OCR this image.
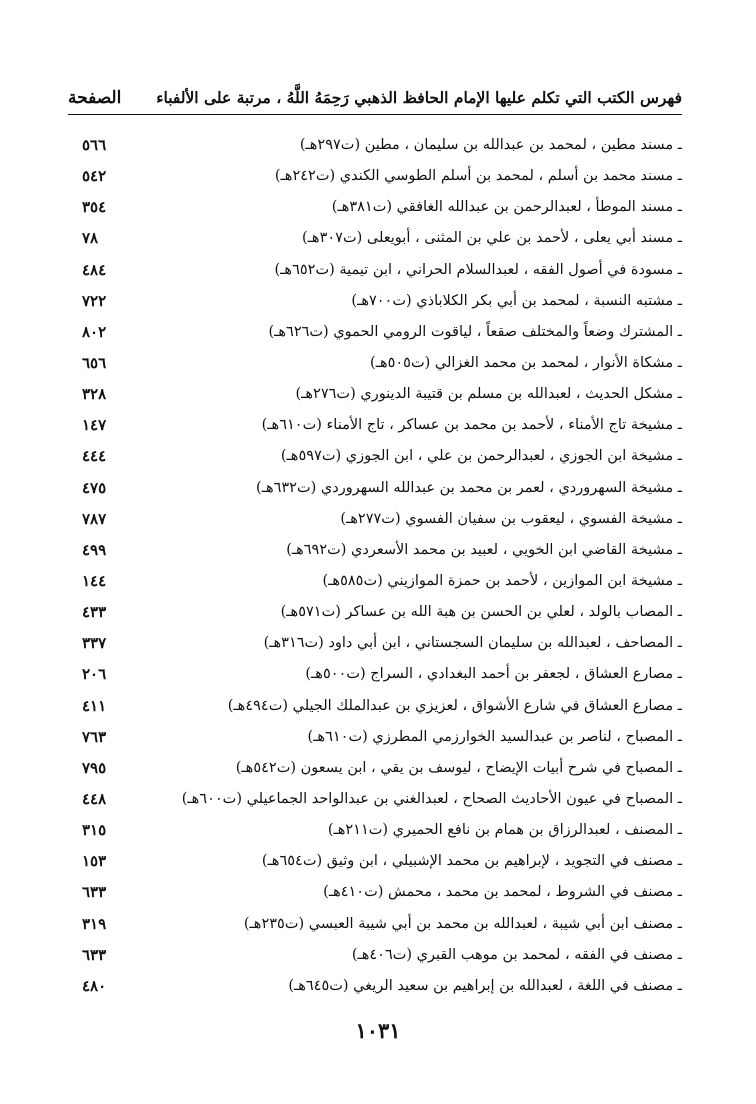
فهرس الكتب التي تكلم عليها الإمام الحافظ الذهبي رَحِمَهُ اللَّهُ ، مرتبة على الألفباء
الصفحة
ـ مسند مطين ، لمحمد بن عبدالله بن سليمان ، مطين (ت٢٩٧هـ)
٥٦٦
ـ مسند محمد بن أسلم ، لمحمد بن أسلم الطوسي الكندي (ت٢٤٢هـ)
٥٤٢
ـ مسند الموطأ ، لعبدالرحمن بن عبدالله الغافقي (ت٣٨١هـ)
٣٥٤
ـ مسند أبي يعلى ، لأحمد بن علي بن المثنى ، أبويعلى (ت٣٠٧هـ)
٧٨
ـ مسودة في أصول الفقه ، لعبدالسلام الحراني ، ابن تيمية (ت٦٥٢هـ)
٤٨٤
ـ مشتبه النسبة ، لمحمد بن أبي بكر الكلاباذي (ت٧٠٠هـ)
٧٢٢
ـ المشترك وضعاً والمختلف صقعاً ، لياقوت الرومي الحموي (ت٦٢٦هـ)
٨٠٢
ـ مشكاة الأنوار ، لمحمد بن محمد الغزالي (ت٥٠٥هـ)
٦٥٦
ـ مشكل الحديث ، لعبدالله بن مسلم بن قتيبة الدينوري (ت٢٧٦هـ)
٣٢٨
ـ مشيخة تاج الأمناء ، لأحمد بن محمد بن عساكر ، تاج الأمناء (ت٦١٠هـ)
١٤٧
ـ مشيخة ابن الجوزي ، لعبدالرحمن بن علي ، ابن الجوزي (ت٥٩٧هـ)
٤٤٤
ـ مشيخة السهروردي ، لعمر بن محمد بن عبدالله السهروردي (ت٦٣٢هـ)
٤٧٥
ـ مشيخة الفسوي ، ليعقوب بن سفيان الفسوي (ت٢٧٧هـ)
٧٨٧
ـ مشيخة القاضي ابن الخويي ، لعبيد بن محمد الأسعردي (ت٦٩٢هـ)
٤٩٩
ـ مشيخة ابن الموازين ، لأحمد بن حمزة الموازيني (ت٥٨٥هـ)
١٤٤
ـ المصاب بالولد ، لعلي بن الحسن بن هبة الله بن عساكر (ت٥٧١هـ)
٤٣٣
ـ المصاحف ، لعبدالله بن سليمان السجستاني ، ابن أبي داود (ت٣١٦هـ)
٣٣٧
ـ مصارع العشاق ، لجعفر بن أحمد البغدادي ، السراج (ت٥٠٠هـ)
٢٠٦
ـ مصارع العشاق في شارع الأشواق ، لعزيزي بن عبدالملك الجيلي (ت٤٩٤هـ)
٤١١
ـ المصباح ، لناصر بن عبدالسيد الخوارزمي المطرزي (ت٦١٠هـ)
٧٦٣
ـ المصباح في شرح أبيات الإيضاح ، ليوسف بن يقي ، ابن يسعون (ت٥٤٢هـ)
٧٩٥
ـ المصباح في عيون الأحاديث الصحاح ، لعبدالغني بن عبدالواحد الجماعيلي (ت٦٠٠هـ)
٤٤٨
ـ المصنف ، لعبدالرزاق بن همام بن نافع الحميري (ت٢١١هـ)
٣١٥
ـ مصنف في التجويد ، لإبراهيم بن محمد الإشبيلي ، ابن وثيق (ت٦٥٤هـ)
١٥٣
ـ مصنف في الشروط ، لمحمد بن محمد ، محمش (ت٤١٠هـ)
٦٣٣
ـ مصنف ابن أبي شيبة ، لعبدالله بن محمد بن أبي شيبة العبسي (ت٢٣٥هـ)
٣١٩
ـ مصنف في الفقه ، لمحمد بن موهب القبري (ت٤٠٦هـ)
٦٣٣
ـ مصنف في اللغة ، لعبدالله بن إبراهيم بن سعيد الريغي (ت٦٤٥هـ)
٤٨٠
١٠٣١
